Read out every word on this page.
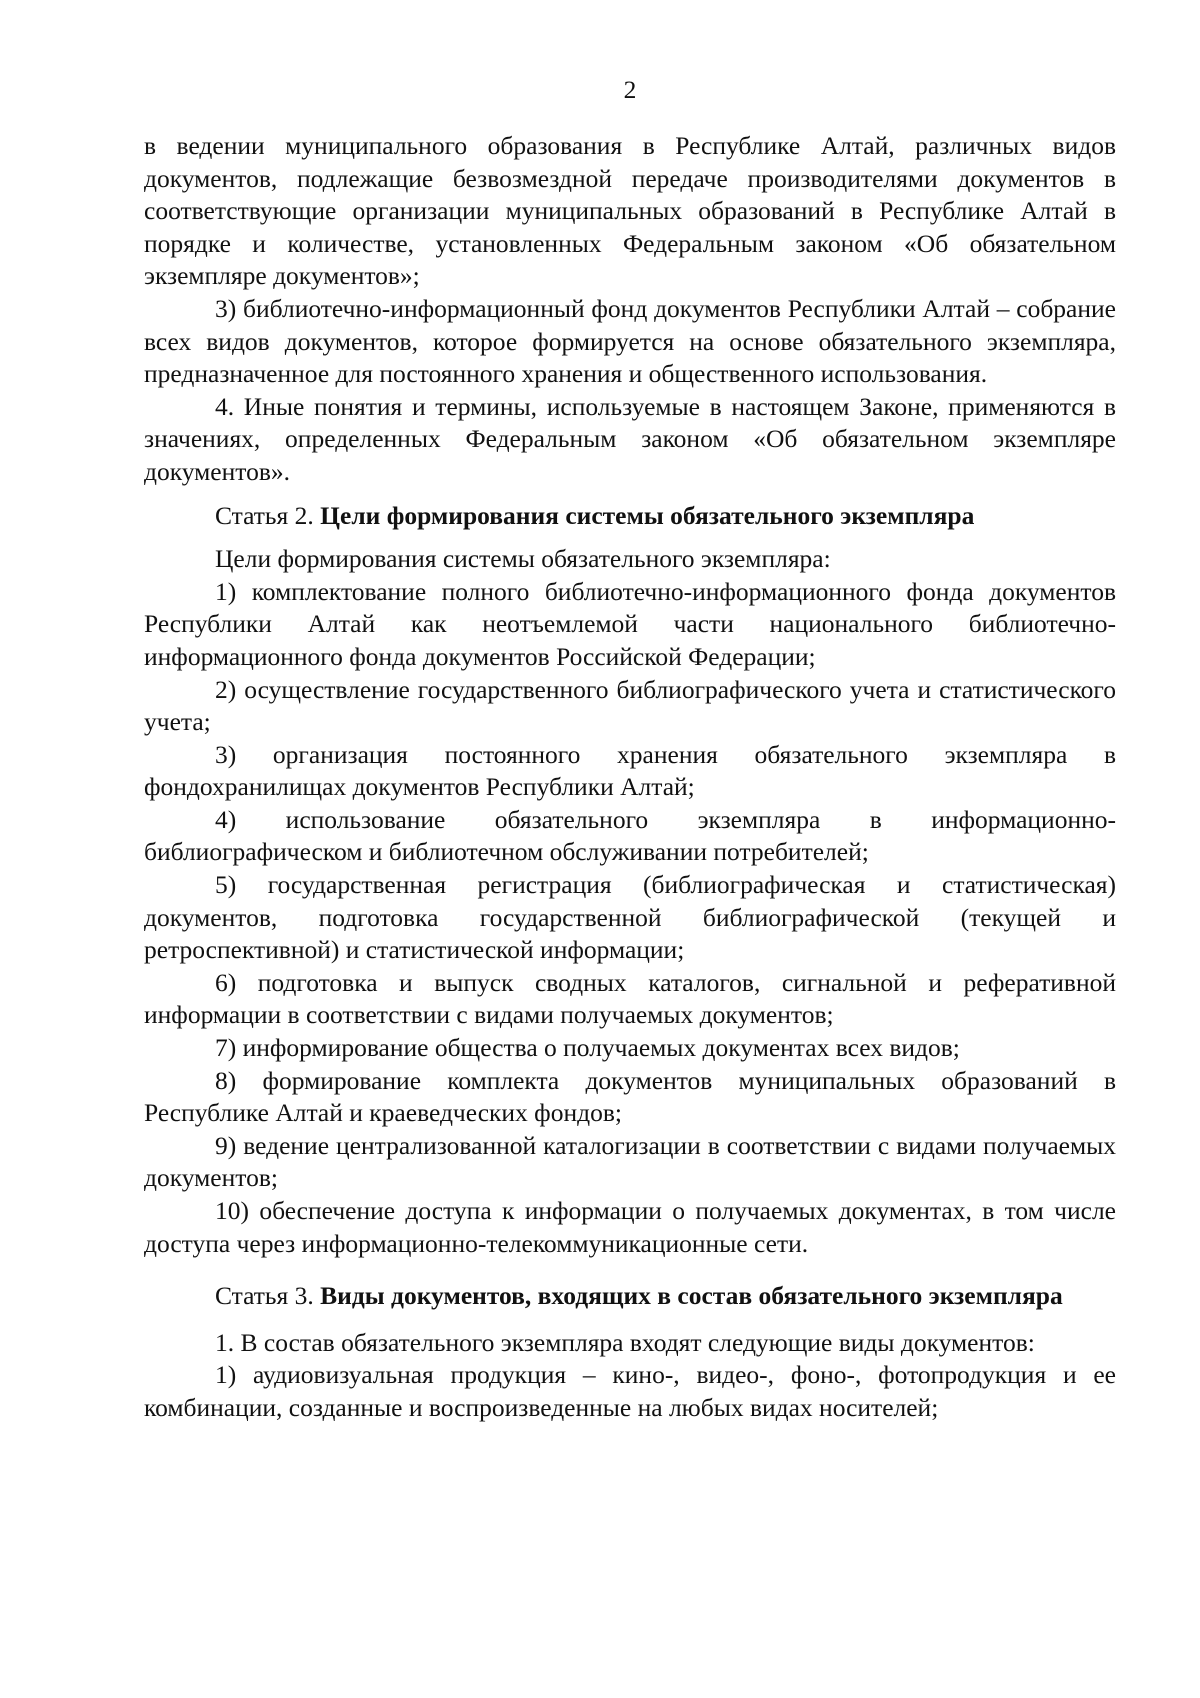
2

в ведении муниципального образования в Республике Алтай, различных видов документов, подлежащие безвозмездной передаче производителями документов в соответствующие организации муниципальных образований в Республике Алтай в порядке и количестве, установленных Федеральным законом «Об обязательном экземпляре документов»;

3) библиотечно-информационный фонд документов Республики Алтай – собрание всех видов документов, которое формируется на основе обязательного экземпляра, предназначенное для постоянного хранения и общественного использования.

4. Иные понятия и термины, используемые в настоящем Законе, применяются в значениях, определенных Федеральным законом «Об обязательном экземпляре документов».

Статья 2. Цели формирования системы обязательного экземпляра

Цели формирования системы обязательного экземпляра:

1) комплектование полного библиотечно-информационного фонда документов Республики Алтай как неотъемлемой части национального библиотечно-информационного фонда документов Российской Федерации;

2) осуществление государственного библиографического учета и статистического учета;

3) организация постоянного хранения обязательного экземпляра в фондохранилищах документов Республики Алтай;

4) использование обязательного экземпляра в информационно-библиографическом и библиотечном обслуживании потребителей;

5) государственная регистрация (библиографическая и статистическая) документов, подготовка государственной библиографической (текущей и ретроспективной) и статистической информации;

6) подготовка и выпуск сводных каталогов, сигнальной и реферативной информации в соответствии с видами получаемых документов;

7) информирование общества о получаемых документах всех видов;

8) формирование комплекта документов муниципальных образований в Республике Алтай и краеведческих фондов;

9) ведение централизованной каталогизации в соответствии с видами получаемых документов;

10) обеспечение доступа к информации о получаемых документах, в том числе доступа через информационно-телекоммуникационные сети.

Статья 3. Виды документов, входящих в состав обязательного экземпляра

1. В состав обязательного экземпляра входят следующие виды документов:

1) аудиовизуальная продукция – кино-, видео-, фоно-, фотопродукция и ее комбинации, созданные и воспроизведенные на любых видах носителей;
